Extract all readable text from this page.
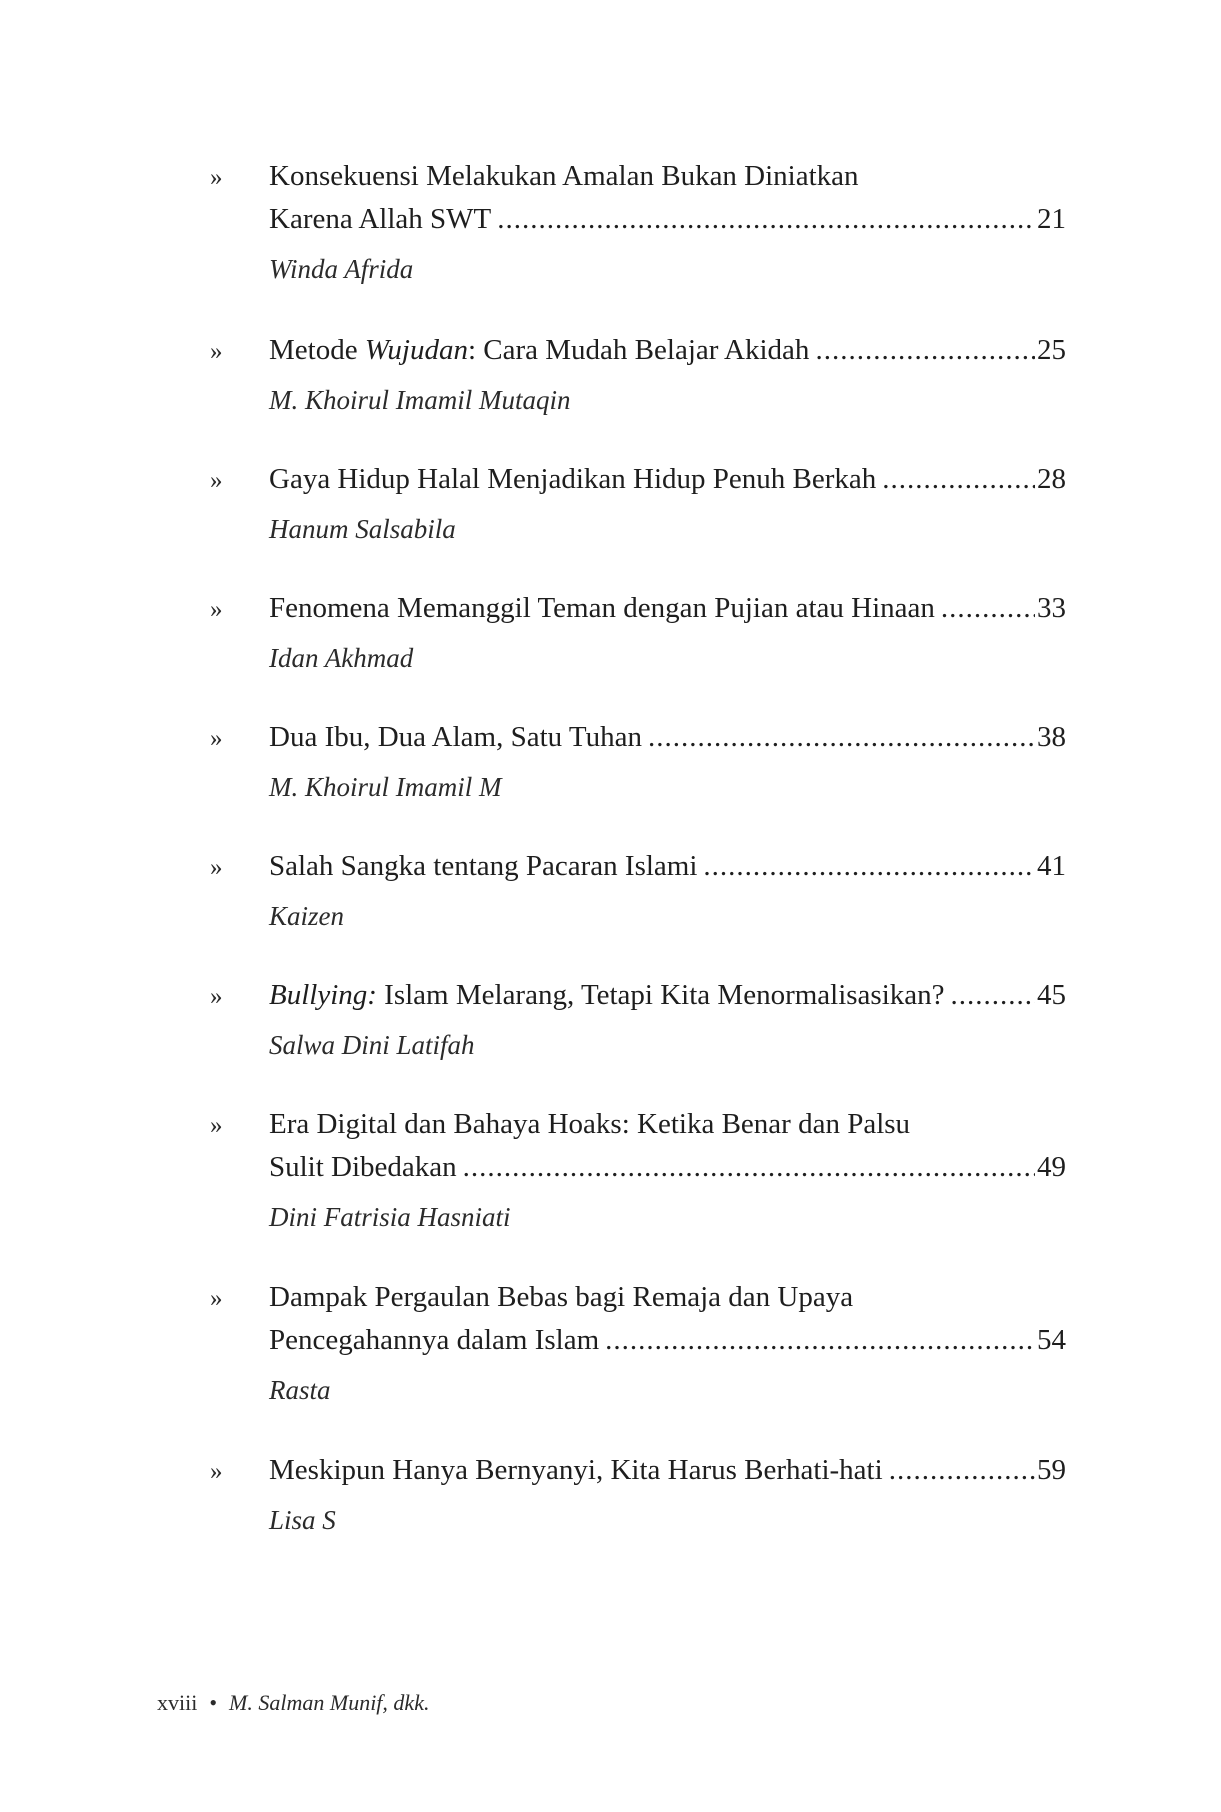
» Konsekuensi Melakukan Amalan Bukan Diniatkan
Karena Allah SWT .....	21
Winda Afrida
» Metode Wujudan: Cara Mudah Belajar Akidah .....	25
M. Khoirul Imamil Mutaqin
» Gaya Hidup Halal Menjadikan Hidup Penuh Berkah .....	28
Hanum Salsabila
» Fenomena Memanggil Teman dengan Pujian atau Hinaan .....	33
Idan Akhmad
» Dua Ibu, Dua Alam, Satu Tuhan .....	38
M. Khoirul Imamil M
» Salah Sangka tentang Pacaran Islami .....	41
Kaizen
» Bullying: Islam Melarang, Tetapi Kita Menormalisasikan? .....	45
Salwa Dini Latifah
» Era Digital dan Bahaya Hoaks: Ketika Benar dan Palsu
Sulit Dibedakan .....	49
Dini Fatrisia Hasniati
» Dampak Pergaulan Bebas bagi Remaja dan Upaya
Pencegahannya dalam Islam .....	54
Rasta
» Meskipun Hanya Bernyanyi, Kita Harus Berhati-hati .....	59
Lisa S
xviii • M. Salman Munif, dkk.
